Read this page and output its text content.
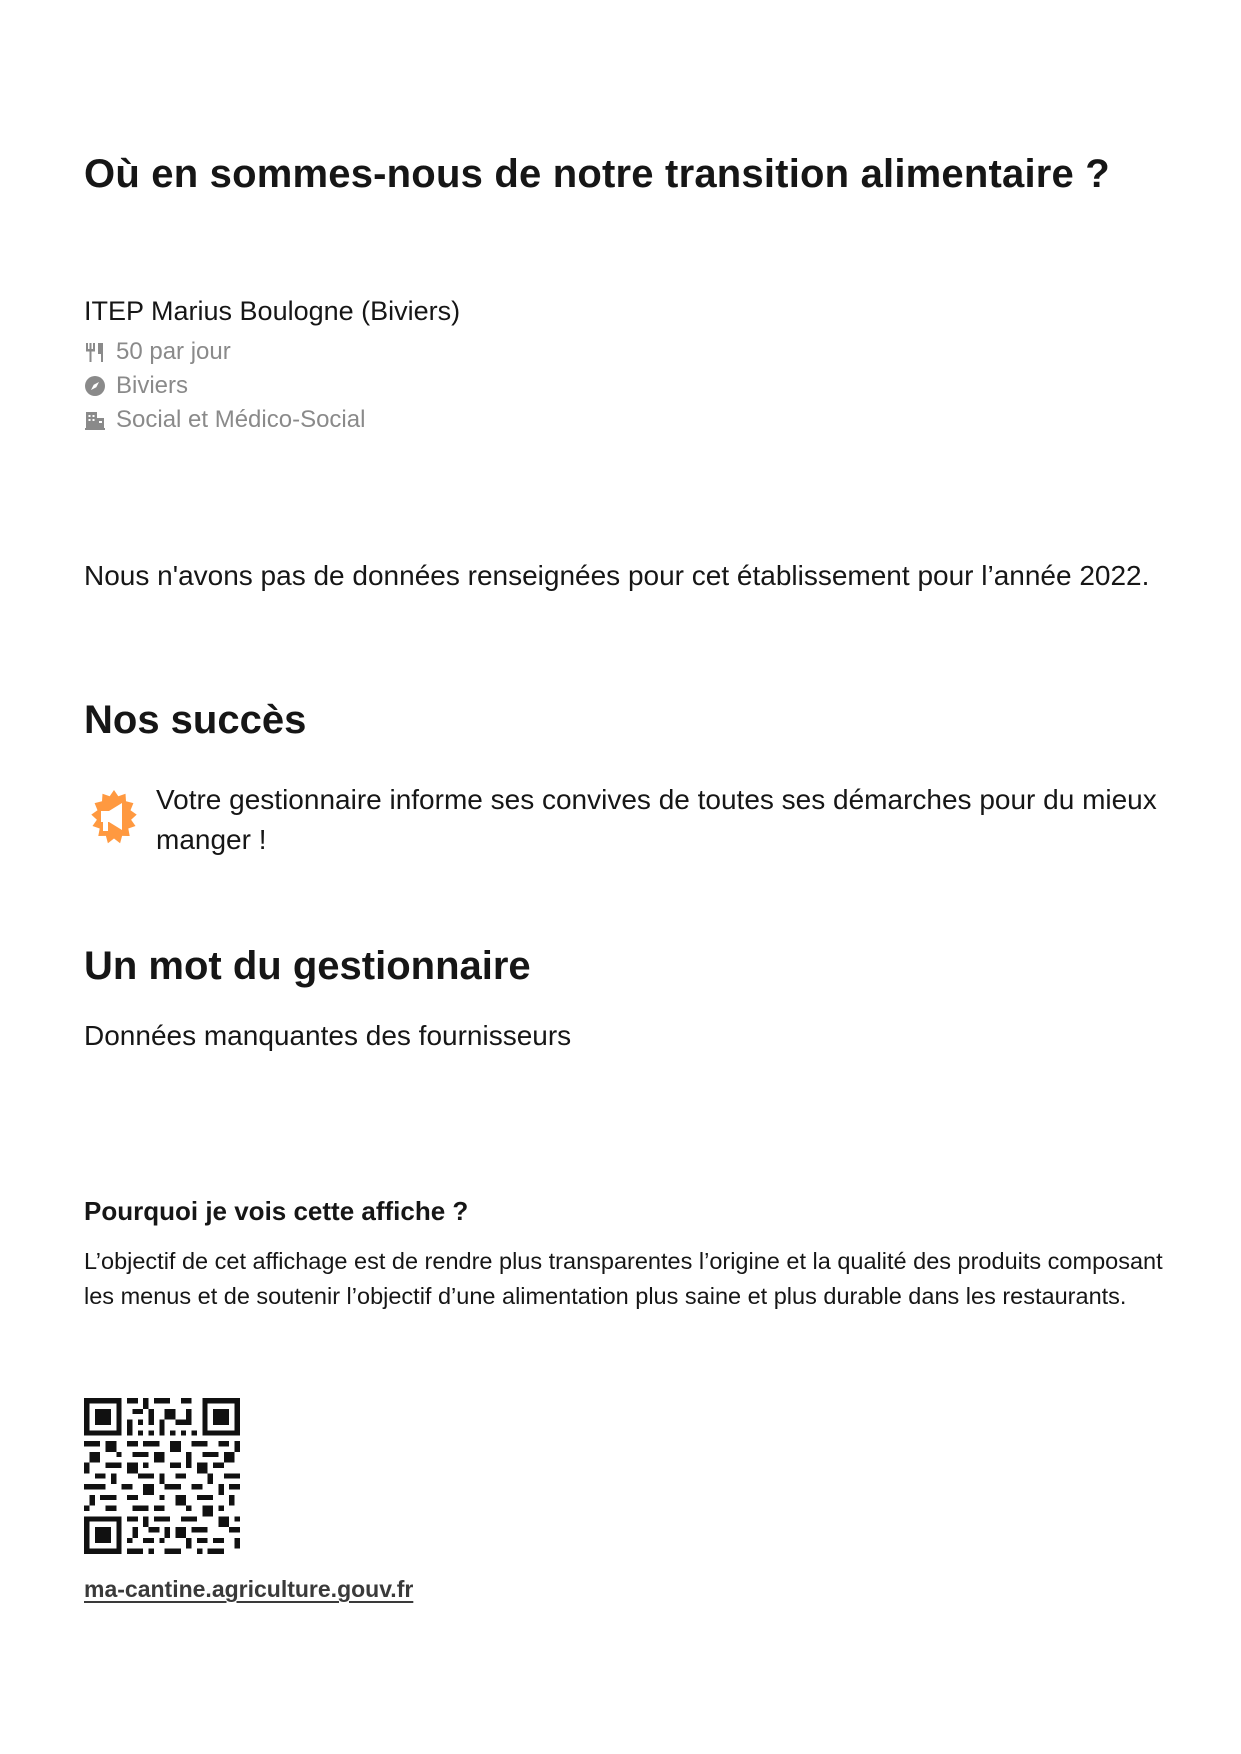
Où en sommes-nous de notre transition alimentaire ?
ITEP Marius Boulogne (Biviers)
50 par jour
Biviers
Social et Médico-Social
Nous n'avons pas de données renseignées pour cet établissement pour l’année 2022.
Nos succès
Votre gestionnaire informe ses convives de toutes ses démarches pour du mieux manger !
Un mot du gestionnaire
Données manquantes des fournisseurs
Pourquoi je vois cette affiche ?
L’objectif de cet affichage est de rendre plus transparentes l’origine et la qualité des produits composant les menus et de soutenir l’objectif d’une alimentation plus saine et plus durable dans les restaurants.
ma-cantine.agriculture.gouv.fr
